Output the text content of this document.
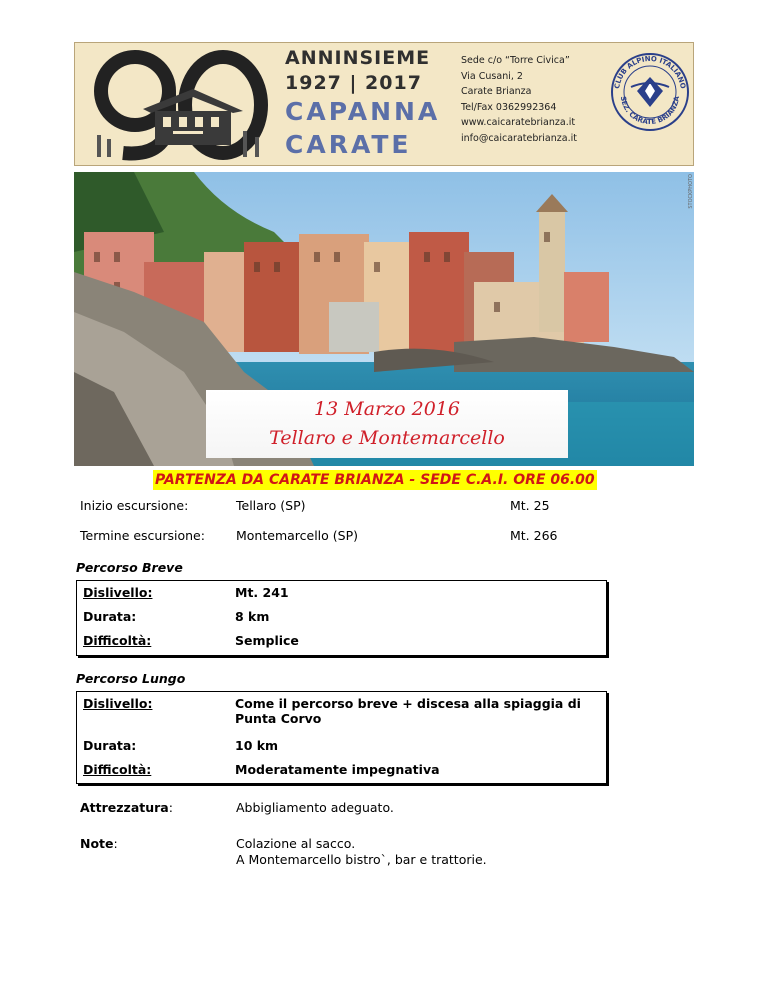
ANNINSIEME
1927 | 2017
CAPANNA
CARATE
Sede c/o “Torre Civica”
Via Cusani, 2
Carate Brianza
Tel/Fax 0362992364
www.caicaratebrianza.it
info@caicaratebrianza.it
CLUB ALPINO ITALIANO
SEZ. CARATE BRIANZA
STOCKPHOTO
13 Marzo 2016
Tellaro e Montemarcello
PARTENZA DA CARATE BRIANZA - SEDE C.A.I. ORE 06.00
Inizio escursione:	Tellaro (SP)	Mt. 25
Termine escursione: Montemarcello (SP)	Mt. 266
Percorso Breve
Dislivello:	Mt. 241
Durata:	8 km
Difficoltà:	Semplice
Percorso Lungo
Dislivello:	Come il percorso breve + discesa alla spiaggia di Punta Corvo
Durata:	10 km
Difficoltà:	Moderatamente impegnativa
Attrezzatura:	Abbigliamento adeguato.
Note:	Colazione al sacco.
A Montemarcello bistro`, bar e trattorie.
